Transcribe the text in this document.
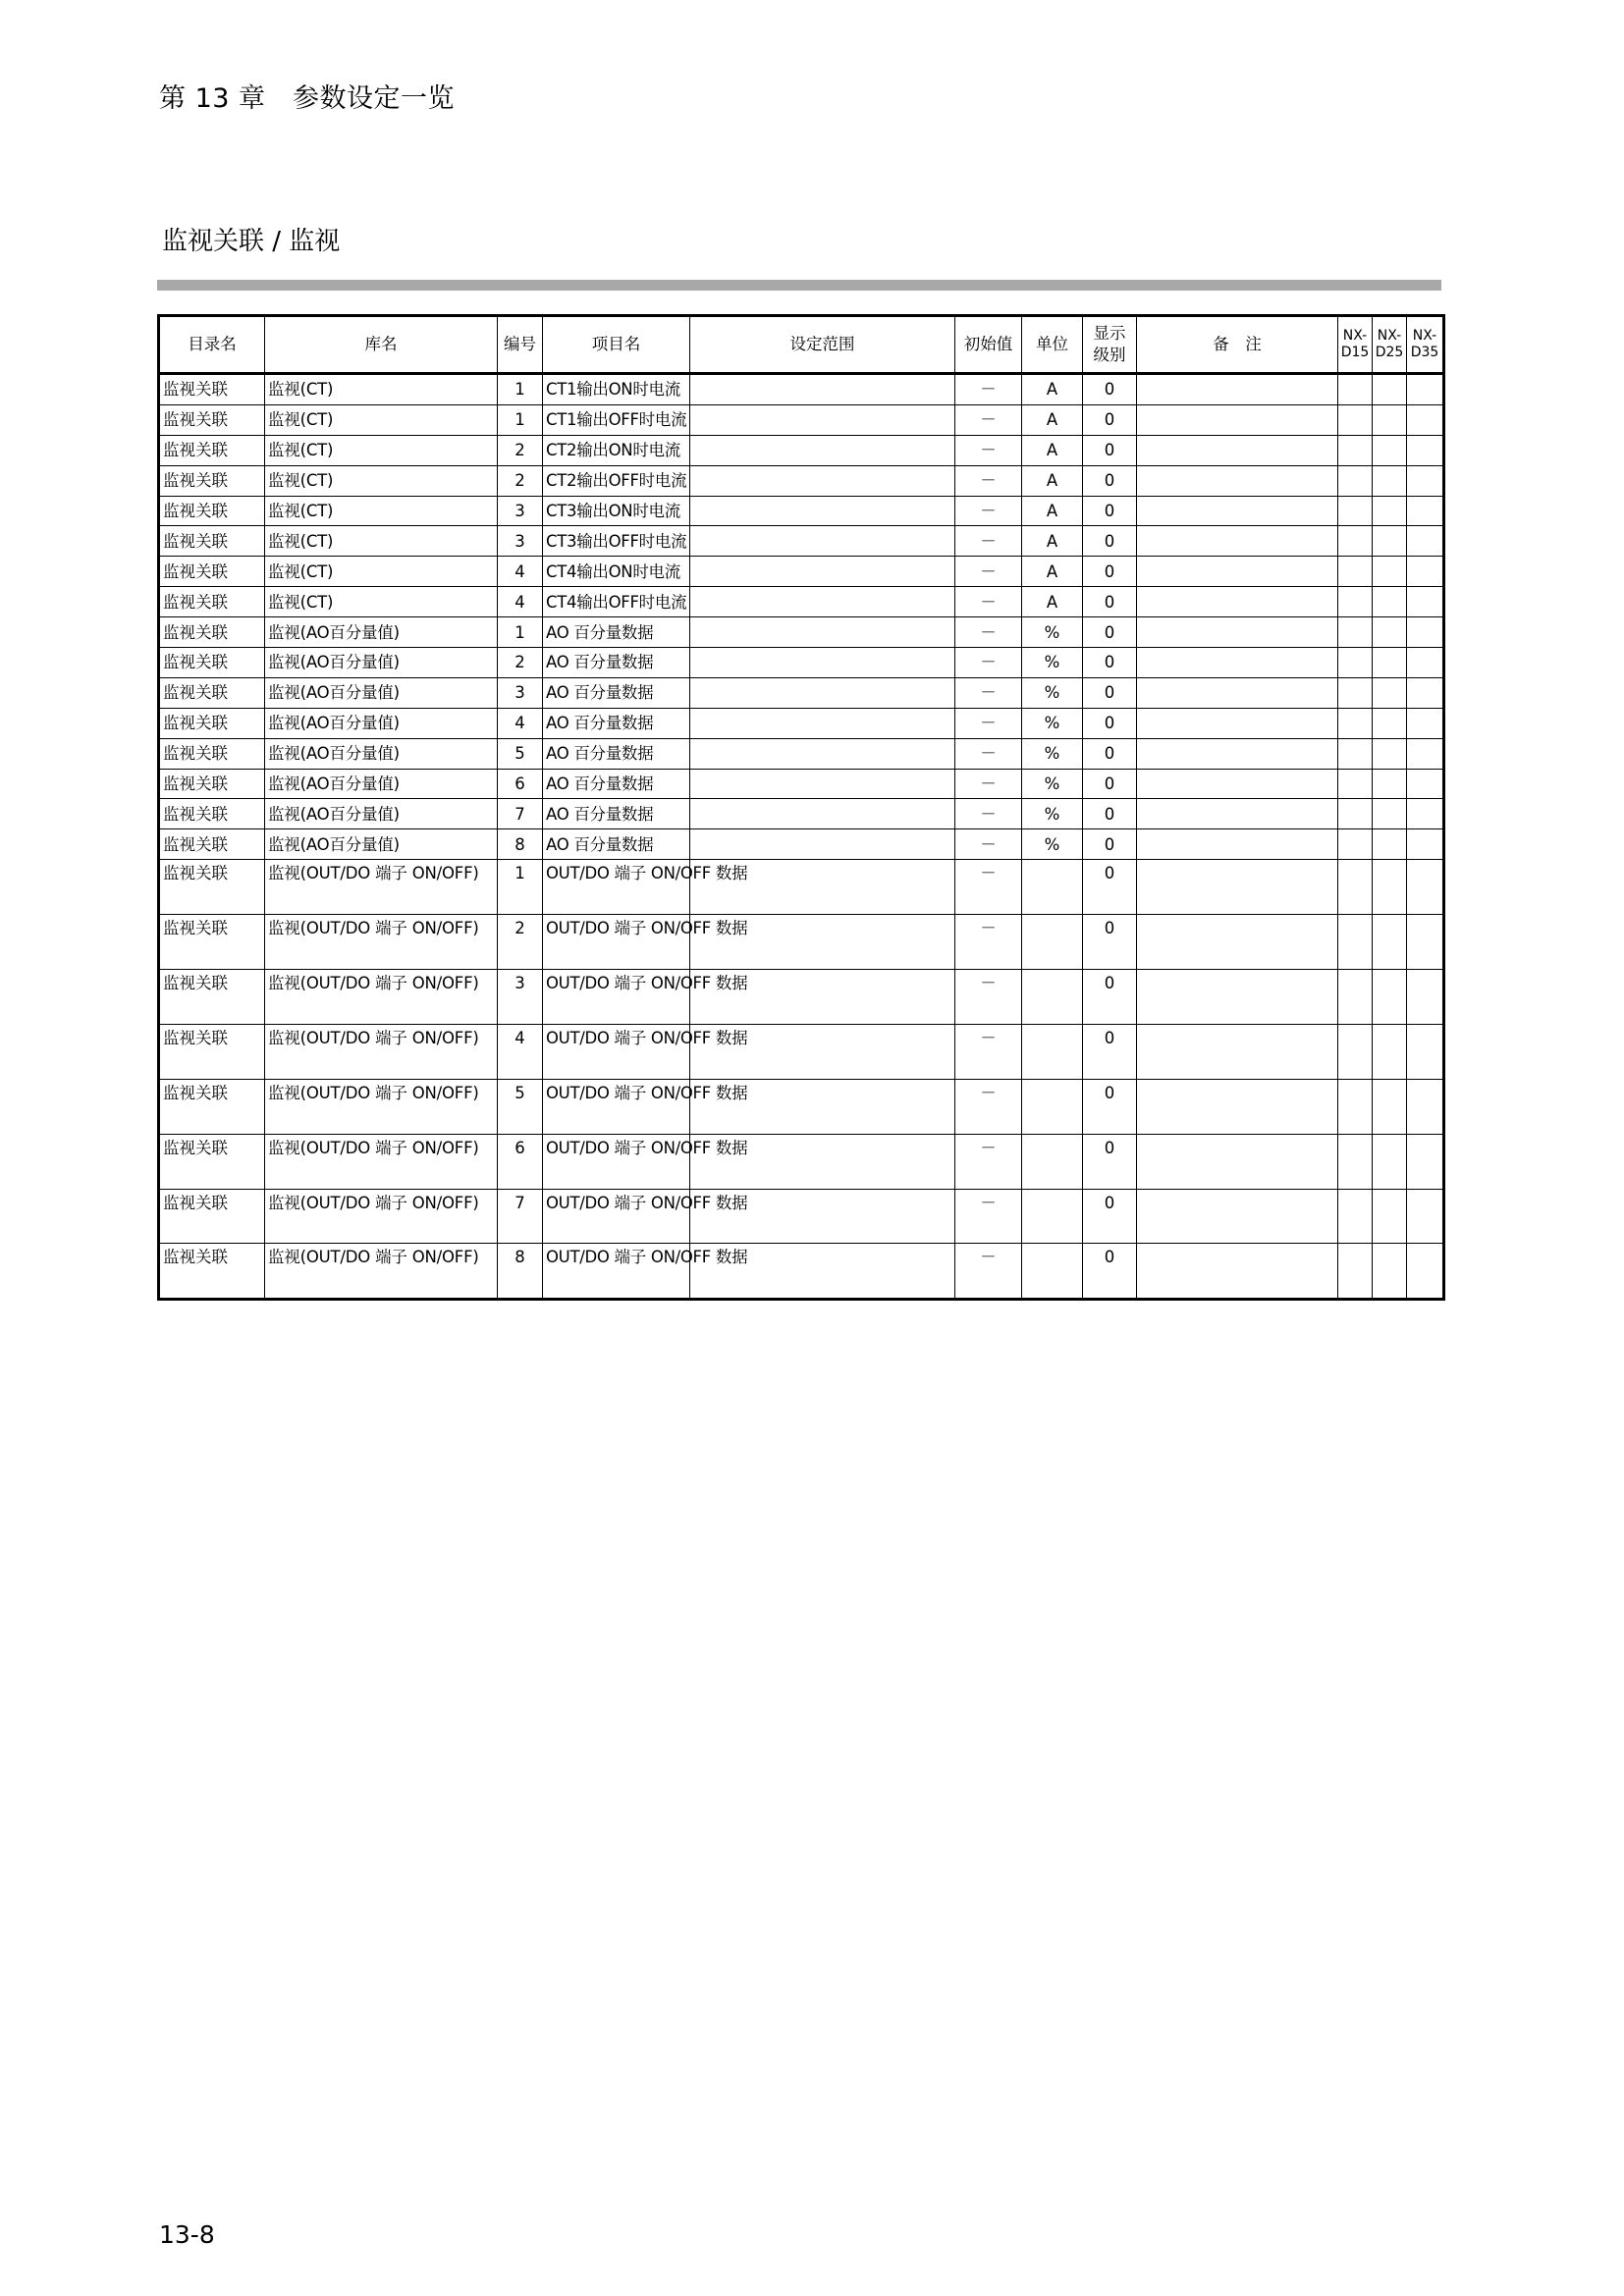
第 13 章　参数设定一览
监视关联 / 监视
目录名	库名	编号	项目名	设定范围	初始值	单位	显示级别	备　注	NX-D15	NX-D25	NX-D35
监视关联	监视(CT)	1	CT1输出ON时电流		－	A	0				
监视关联	监视(CT)	1	CT1输出OFF时电流		－	A	0				
监视关联	监视(CT)	2	CT2输出ON时电流		－	A	0				
监视关联	监视(CT)	2	CT2输出OFF时电流		－	A	0				
监视关联	监视(CT)	3	CT3输出ON时电流		－	A	0				
监视关联	监视(CT)	3	CT3输出OFF时电流		－	A	0				
监视关联	监视(CT)	4	CT4输出ON时电流		－	A	0				
监视关联	监视(CT)	4	CT4输出OFF时电流		－	A	0				
监视关联	监视(AO百分量值)	1	AO 百分量数据		－	%	0				
监视关联	监视(AO百分量值)	2	AO 百分量数据		－	%	0				
监视关联	监视(AO百分量值)	3	AO 百分量数据		－	%	0				
监视关联	监视(AO百分量值)	4	AO 百分量数据		－	%	0				
监视关联	监视(AO百分量值)	5	AO 百分量数据		－	%	0				
监视关联	监视(AO百分量值)	6	AO 百分量数据		－	%	0				
监视关联	监视(AO百分量值)	7	AO 百分量数据		－	%	0				
监视关联	监视(AO百分量值)	8	AO 百分量数据		－	%	0				
监视关联	监视(OUT/DO 端子 ON/OFF)	1	OUT/DO 端子 ON/OFF 数据		－		0				
监视关联	监视(OUT/DO 端子 ON/OFF)	2	OUT/DO 端子 ON/OFF 数据		－		0				
监视关联	监视(OUT/DO 端子 ON/OFF)	3	OUT/DO 端子 ON/OFF 数据		－		0				
监视关联	监视(OUT/DO 端子 ON/OFF)	4	OUT/DO 端子 ON/OFF 数据		－		0				
监视关联	监视(OUT/DO 端子 ON/OFF)	5	OUT/DO 端子 ON/OFF 数据		－		0				
监视关联	监视(OUT/DO 端子 ON/OFF)	6	OUT/DO 端子 ON/OFF 数据		－		0				
监视关联	监视(OUT/DO 端子 ON/OFF)	7	OUT/DO 端子 ON/OFF 数据		－		0				
监视关联	监视(OUT/DO 端子 ON/OFF)	8	OUT/DO 端子 ON/OFF 数据		－		0				
13-8
